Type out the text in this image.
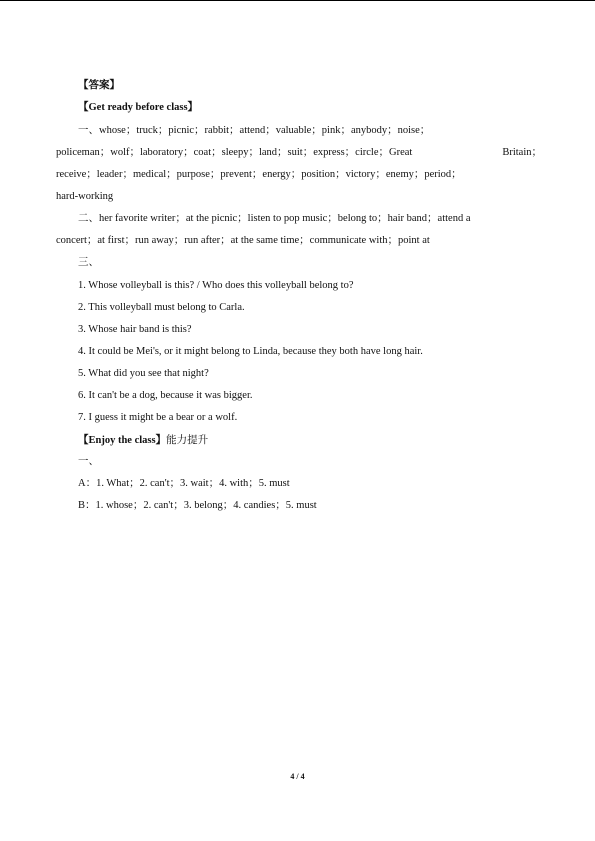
【答案】
【Get ready before class】
一、whose；truck；picnic；rabbit；attend；valuable；pink；anybody；noise；
policeman；wolf；laboratory；coat；sleepy；land；suit；express；circle；Great	Britain；
receive；leader；medical；purpose；prevent；energy；position；victory；enemy；period；
hard-working
二、her favorite writer；at the picnic；listen to pop music；belong to；hair band；attend a
concert；at first；run away；run after；at the same time；communicate with；point at
三、
1. Whose volleyball is this? / Who does this volleyball belong to?
2. This volleyball must belong to Carla.
3. Whose hair band is this?
4. It could be Mei's, or it might belong to Linda, because they both have long hair.
5. What did you see that night?
6. It can't be a dog, because it was bigger.
7. I guess it might be a bear or a wolf.
【Enjoy the class】能力提升
一、
A：1. What；2. can't；3. wait；4. with；5. must
B：1. whose；2. can't；3. belong；4. candies；5. must
4 / 4
